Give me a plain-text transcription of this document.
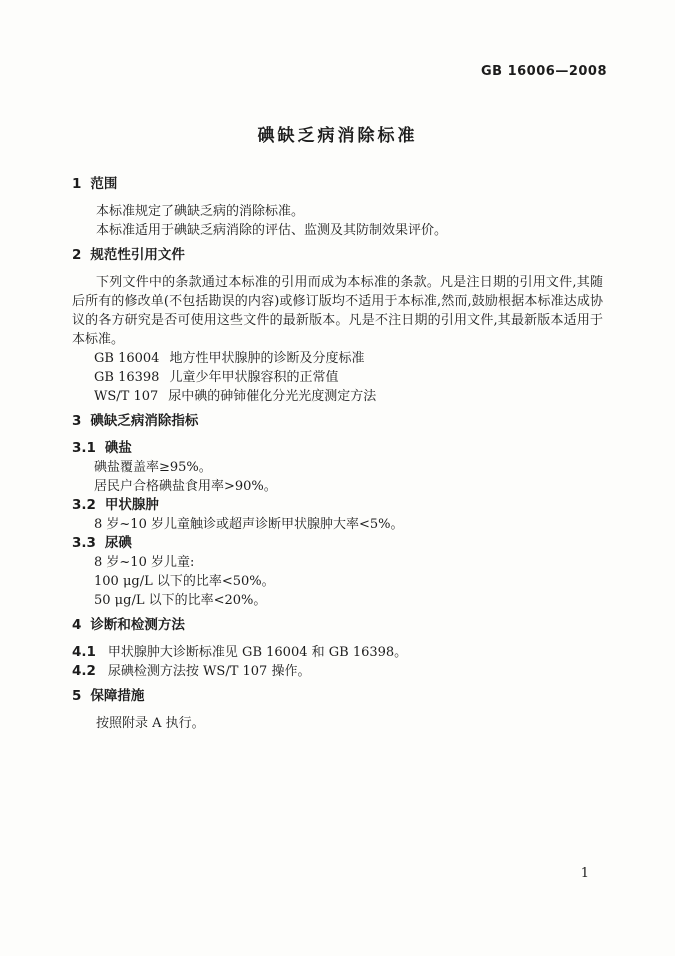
GB 16006—2008
碘缺乏病消除标准
1 范围

本标准规定了碘缺乏病的消除标准。

本标准适用于碘缺乏病消除的评估、监测及其防制效果评价。

2 规范性引用文件

下列文件中的条款通过本标准的引用而成为本标准的条款。凡是注日期的引用文件,其随后所有的修改单(不包括勘误的内容)或修订版均不适用于本标准,然而,鼓励根据本标准达成协议的各方研究是否可使用这些文件的最新版本。凡是不注日期的引用文件,其最新版本适用于本标准。

GB 16004 地方性甲状腺肿的诊断及分度标准

GB 16398 儿童少年甲状腺容积的正常值

WS/T 107 尿中碘的砷铈催化分光光度测定方法

3 碘缺乏病消除指标
3.1 碘盐

碘盐覆盖率≥95%。

居民户合格碘盐食用率>90%。

3.2 甲状腺肿

8 岁~10 岁儿童触诊或超声诊断甲状腺肿大率<5%。

3.3 尿碘

8 岁~10 岁儿童:

100 μg/L 以下的比率<50%。

50 μg/L 以下的比率<20%。

4 诊断和检测方法

4.1 甲状腺肿大诊断标准见 GB 16004 和 GB 16398。

4.2 尿碘检测方法按 WS/T 107 操作。

5 保障措施

按照附录 A 执行。

1
